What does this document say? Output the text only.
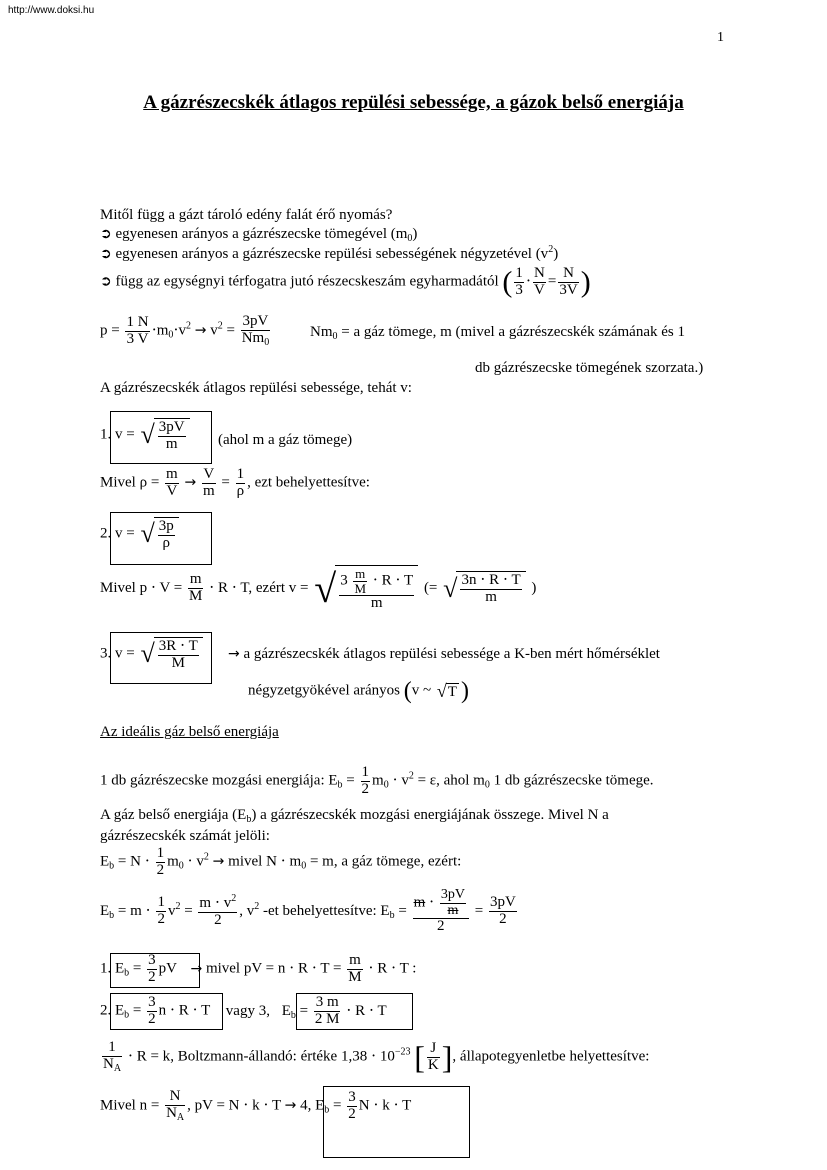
http://www.doksi.hu
1
A gázrészecskék átlagos repülési sebessége, a gázok belső energiája
Mitől függ a gázt tároló edény falát érő nyomás?
➲ egyenesen arányos a gázrészecske tömegével $(m_0)$
➲ egyenesen arányos a gázrészecske repülési sebességének négyzetével $(v^2)$
➲ függ az egységnyi térfogatra jutó részecskeszám egyharmadától ( $\frac{1}{3} \cdot \frac{N}{V} = \frac{N}{3V}$ )
$p = \frac{1 N}{3 V} \cdot m_0\cdot v^2 \to v^2 = \frac{3pV}{Nm_0}$	$Nm_0 = a$ gáz tömege, m (mivel a gázrészecskék számának és 1
db gázrészecske tömegének szorzata.)
A gázrészecskék átlagos repülési sebessége, tehát v:
1. v = √ $\frac{3pV}{m}$ (ahol m a gáz tömege)
Mivel $\rho = \frac{m}{V} \to \frac{V}{m} = \frac{1}{\rho}$ , ezt behelyettesítve:
2. v = √ $\frac{3p}{\rho}$
Mivel $p \cdot V = \frac{m}{M} \cdot R \cdot T$, ezért v = √ $\frac{3 \frac{m}{M} \cdot R \cdot T}{m}$ (= √ $\frac{3n \cdot R \cdot T}{m}$ )
3. v = √ $\frac{3R \cdot T}{M} \to a$ gázrészecskék átlagos repülési sebessége a K-ben mért hőmérséklet
négyzetgyökével arányos (v ~ √ T )
Az ideális gáz belső energiája
1 db gázrészecske mozgási energiája: $E_b = \frac{1}{2} m_0 \cdot v^2 = \varepsilon$, ahol $m_0$ 1 db gázrészecske tömege.
A gáz belső energiája $(E_b)$ a gázrészecskék mozgási energiájának összege. Mivel N a
gázrészecskék számát jelöli:
$E_b = N \cdot \frac{1}{2} m_0 \cdot v^2$ → mivel $N \cdot m_0 = m$, a gáz tömege, ezért:
$E_b = m \cdot \frac{1}{2} v^2 = \frac{m \cdot v^2}{2}$ , $v^2$ -et behelyettesítve: $E_b = \frac{m \cdot \frac{3pV}{m}}{2} = \frac{3pV}{2}$
1. $E_b = \frac{3}{2}$ pV → mivel pV = $n \cdot R \cdot T = \frac{m}{M} \cdot R \cdot T$ :
2. $E_b = \frac{3}{2}$ n ⋅ R ⋅ T vagy 3, $E_b = \frac{3 m}{2 M} \cdot R \cdot T$
$\frac{1}{N_A} \cdot R = k$, Boltzmann-állandó: értéke $1,38 \cdot 10^{-23}$ [ $\frac{J}{K}$ ], állapotegyenletbe helyettesítve:
Mivel $n = \frac{N}{N_A}$ , pV = N ⋅ k ⋅ T → 4, $E_b = \frac{3}{2}$ N ⋅ k ⋅ T
